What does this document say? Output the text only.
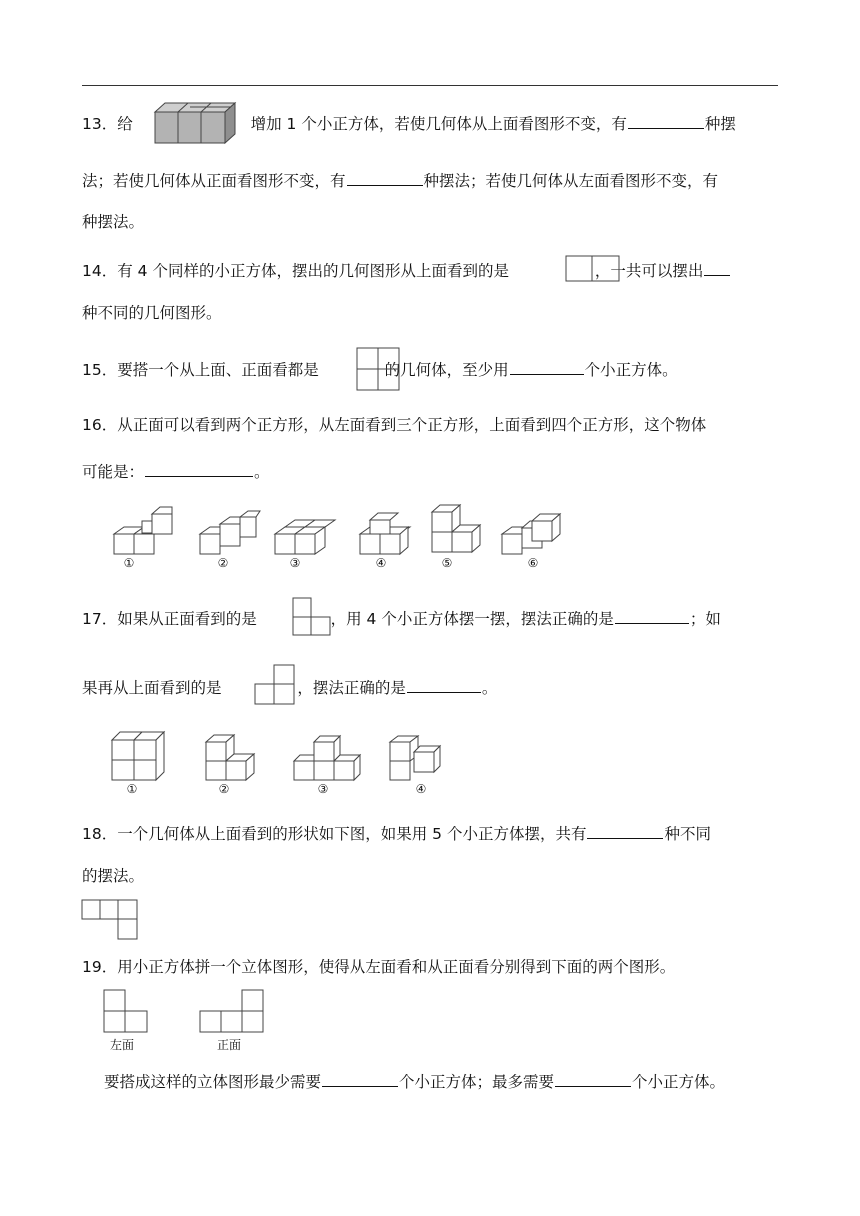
13．给	增加 1 个小正方体，若使几何体从上面看图形不变，有	种摆
法；若使几何体从正面看图形不变，有	种摆法；若使几何体从左面看图形不变，有
种摆法。
14．有 4 个同样的小正方体，摆出的几何图形从上面看到的是	，一共可以摆出
种不同的几何图形。
15．要搭一个从上面、正面看都是	的几何体，至少用	个小正方体。
16．从正面可以看到两个正方形，从左面看到三个正方形，上面看到四个正方形，这个物体
可能是：	。
①	②	③	④	⑤	⑥
17．如果从正面看到的是	，用 4 个小正方体摆一摆，摆法正确的是	；如
果再从上面看到的是	，摆法正确的是	。
①	②	③	④
18．一个几何体从上面看到的形状如下图，如果用 5 个小正方体摆，共有	种不同
的摆法。
19．用小正方体拼一个立体图形，使得从左面看和从正面看分别得到下面的两个图形。
左面	正面
要搭成这样的立体图形最少需要	个小正方体；最多需要	个小正方体。
